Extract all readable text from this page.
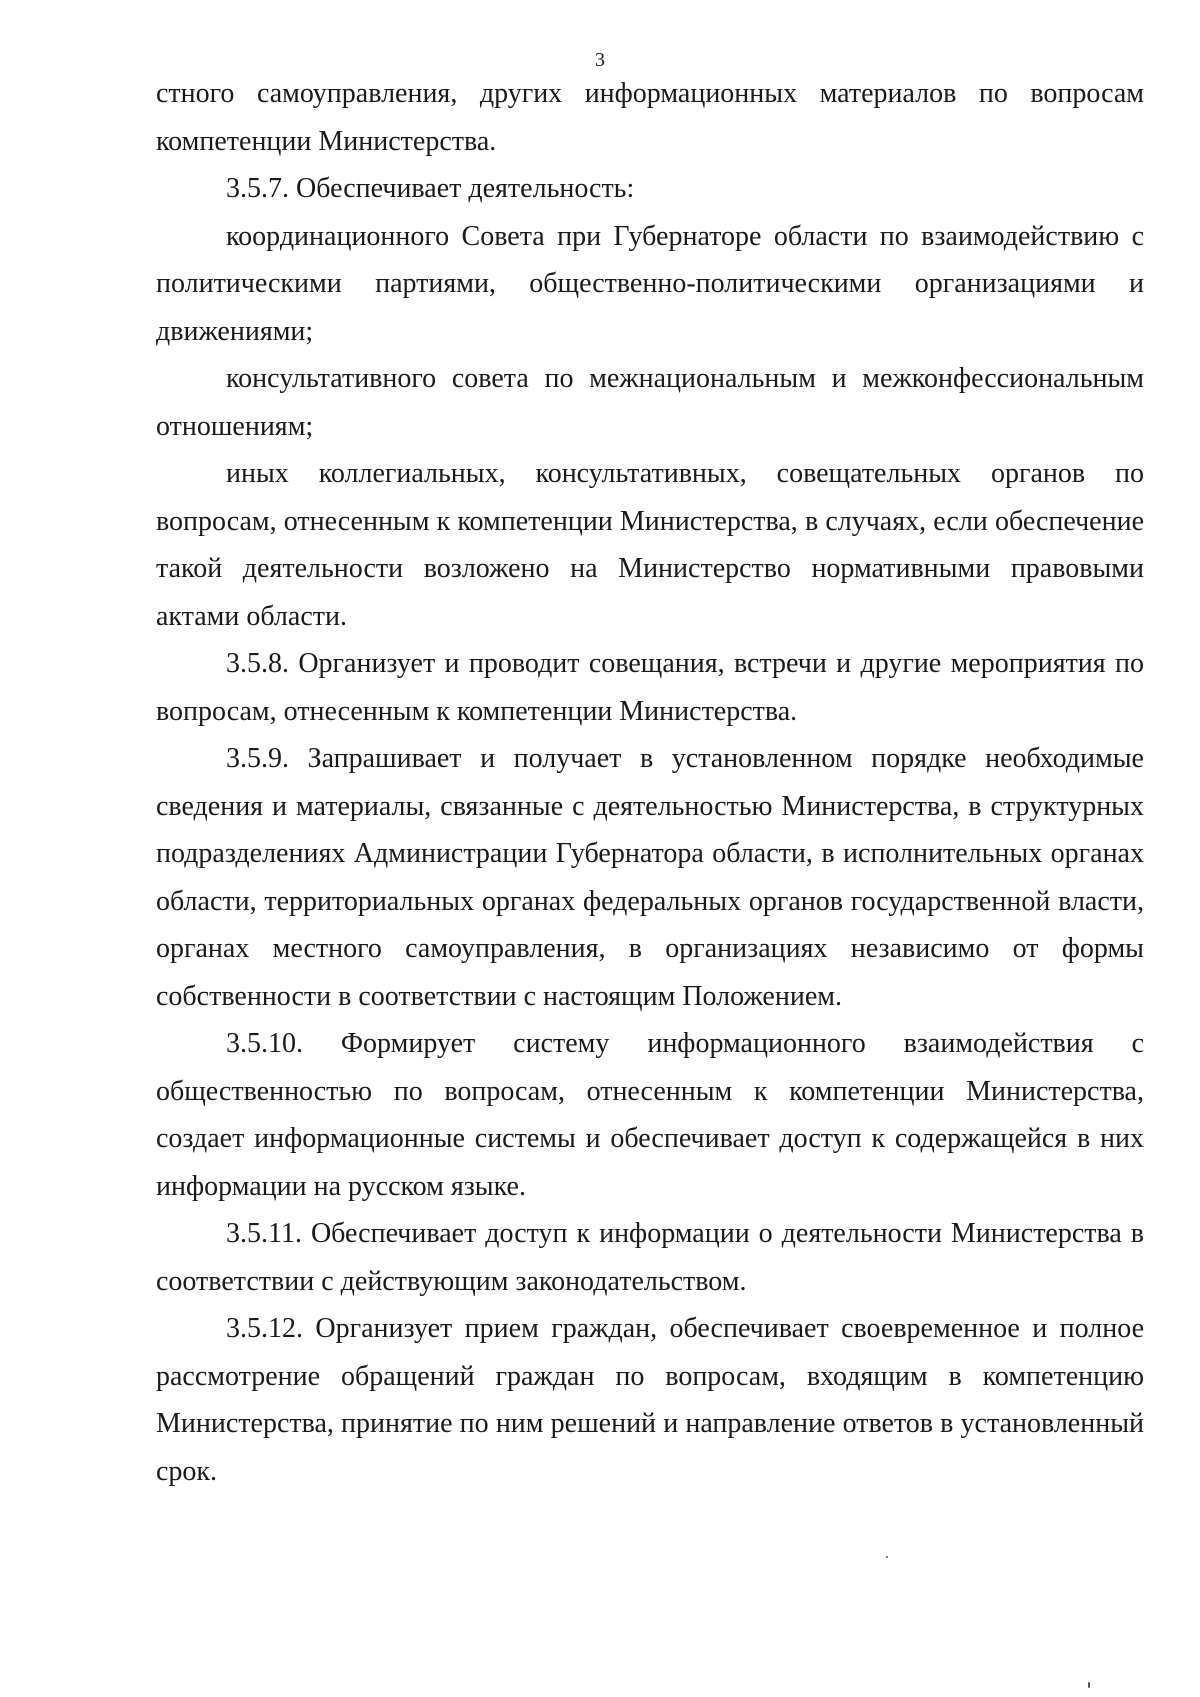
3

стного самоуправления, других информационных материалов по вопросам компетенции Министерства.

3.5.7. Обеспечивает деятельность:

координационного Совета при Губернаторе области по взаимодействию с политическими партиями, общественно-политическими организациями и движениями;

консультативного совета по межнациональным и межконфессиональным отношениям;

иных коллегиальных, консультативных, совещательных органов по вопросам, отнесенным к компетенции Министерства, в случаях, если обеспечение такой деятельности возложено на Министерство нормативными правовыми актами области.

3.5.8. Организует и проводит совещания, встречи и другие мероприятия по вопросам, отнесенным к компетенции Министерства.

3.5.9. Запрашивает и получает в установленном порядке необходимые сведения и материалы, связанные с деятельностью Министерства, в структурных подразделениях Администрации Губернатора области, в исполнительных органах области, территориальных органах федеральных органов государственной власти, органах местного самоуправления, в организациях независимо от формы собственности в соответствии с настоящим Положением.

3.5.10. Формирует систему информационного взаимодействия с общественностью по вопросам, отнесенным к компетенции Министерства, создает информационные системы и обеспечивает доступ к содержащейся в них информации на русском языке.

3.5.11. Обеспечивает доступ к информации о деятельности Министерства в соответствии с действующим законодательством.

3.5.12. Организует прием граждан, обеспечивает своевременное и полное рассмотрение обращений граждан по вопросам, входящим в компетенцию Министерства, принятие по ним решений и направление ответов в установленный срок.
